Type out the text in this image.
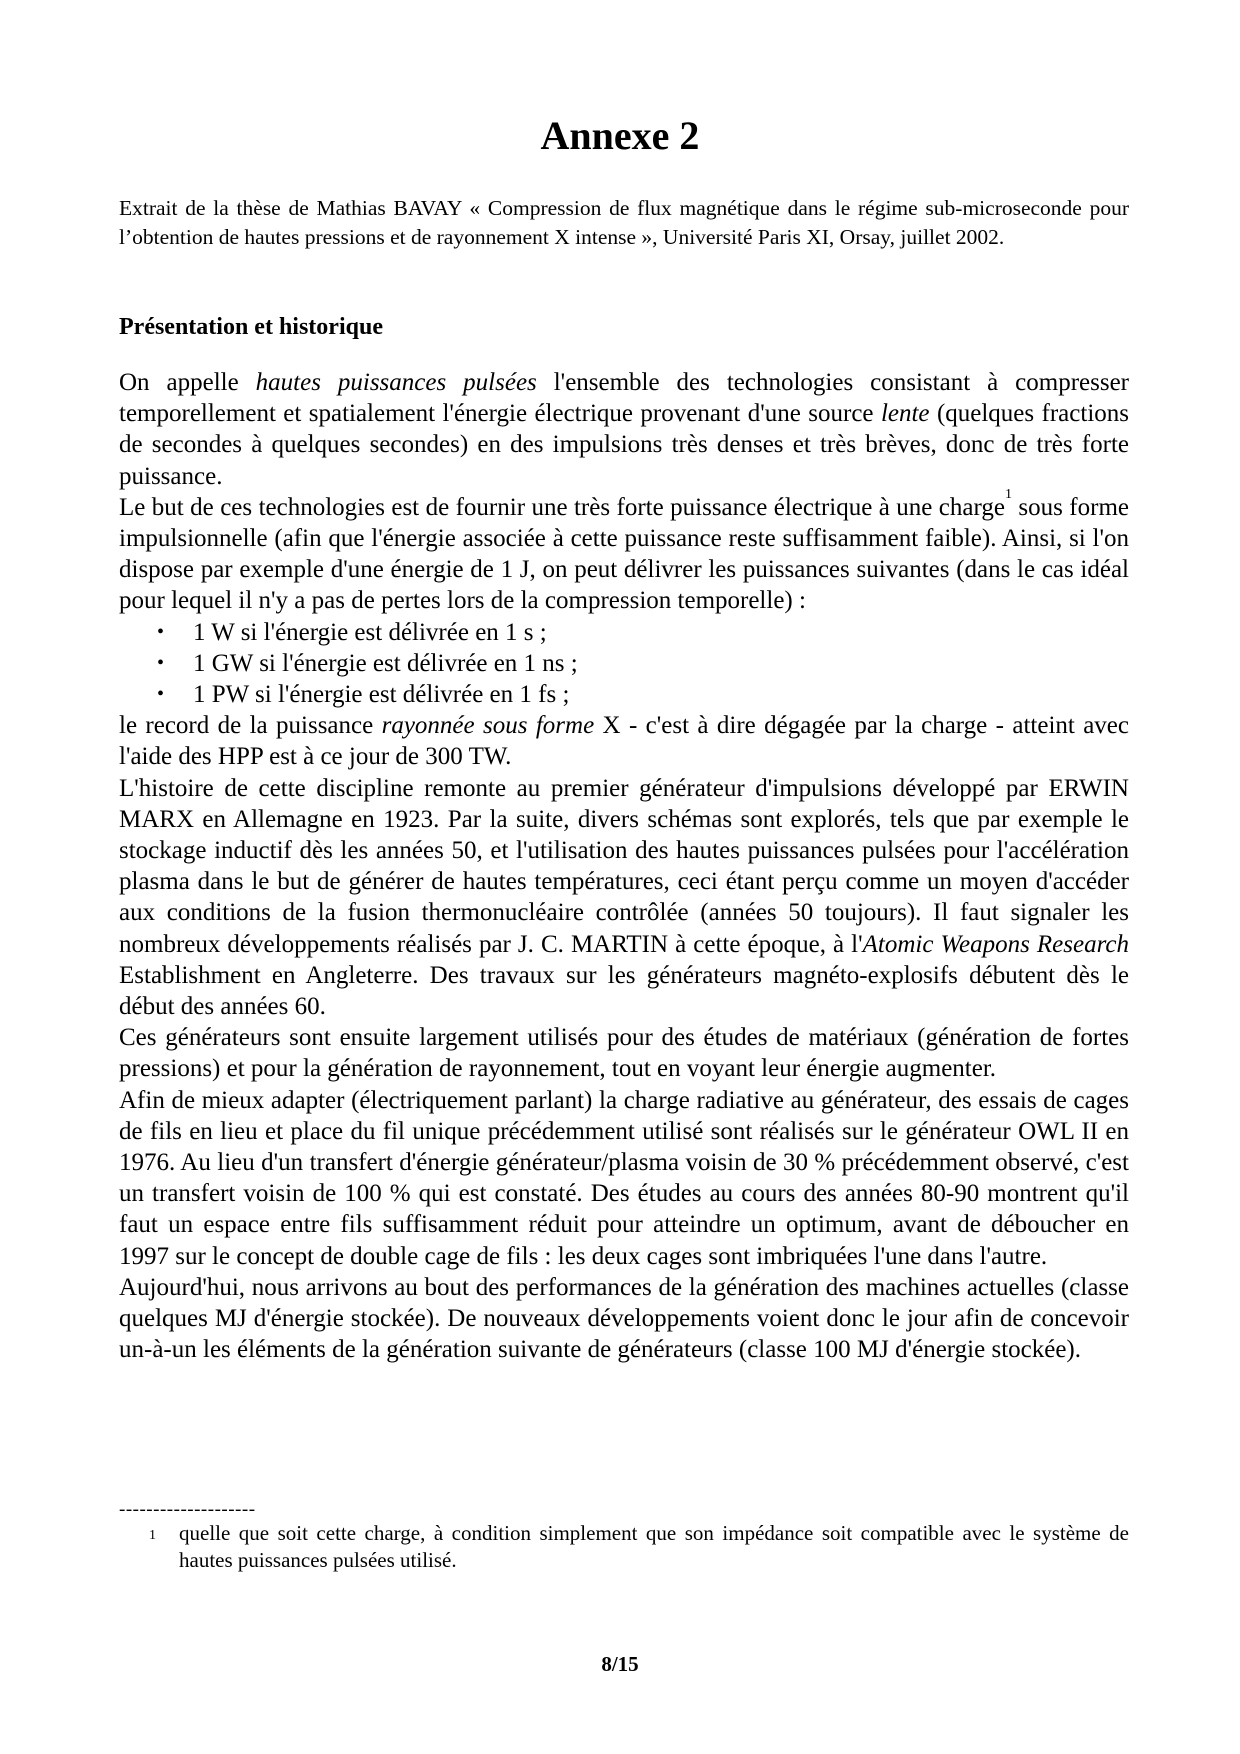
Annexe 2

Extrait de la thèse de Mathias BAVAY « Compression de flux magnétique dans le régime sub-microseconde pour l’obtention de hautes pressions et de rayonnement X intense », Université Paris XI, Orsay, juillet 2002.

Présentation et historique

On appelle hautes puissances pulsées l'ensemble des technologies consistant à compresser temporellement et spatialement l'énergie électrique provenant d'une source lente (quelques fractions de secondes à quelques secondes) en des impulsions très denses et très brèves, donc de très forte puissance.

Le but de ces technologies est de fournir une très forte puissance électrique à une charge$^1$ sous forme impulsionnelle (afin que l'énergie associée à cette puissance reste suffisamment faible). Ainsi, si l'on dispose par exemple d'une énergie de 1 J, on peut délivrer les puissances suivantes (dans le cas idéal pour lequel il n'y a pas de pertes lors de la compression temporelle) :

• 1 W si l'énergie est délivrée en 1 s ;
• 1 GW si l'énergie est délivrée en 1 ns ;
• 1 PW si l'énergie est délivrée en 1 fs ;

le record de la puissance rayonnée sous forme X - c'est à dire dégagée par la charge - atteint avec l'aide des HPP est à ce jour de 300 TW.

L'histoire de cette discipline remonte au premier générateur d'impulsions développé par ERWIN MARX en Allemagne en 1923. Par la suite, divers schémas sont explorés, tels que par exemple le stockage inductif dès les années 50, et l'utilisation des hautes puissances pulsées pour l'accélération plasma dans le but de générer de hautes températures, ceci étant perçu comme un moyen d'accéder aux conditions de la fusion thermonucléaire contrôlée (années 50 toujours). Il faut signaler les nombreux développements réalisés par J. C. MARTIN à cette époque, à l'Atomic Weapons Research Establishment en Angleterre. Des travaux sur les générateurs magnéto-explosifs débutent dès le début des années 60.

Ces générateurs sont ensuite largement utilisés pour des études de matériaux (génération de fortes pressions) et pour la génération de rayonnement, tout en voyant leur énergie augmenter.

Afin de mieux adapter (électriquement parlant) la charge radiative au générateur, des essais de cages de fils en lieu et place du fil unique précédemment utilisé sont réalisés sur le générateur OWL II en 1976. Au lieu d'un transfert d'énergie générateur/plasma voisin de 30 % précédemment observé, c'est un transfert voisin de 100 % qui est constaté. Des études au cours des années 80-90 montrent qu'il faut un espace entre fils suffisamment réduit pour atteindre un optimum, avant de déboucher en 1997 sur le concept de double cage de fils : les deux cages sont imbriquées l'une dans l'autre.

Aujourd'hui, nous arrivons au bout des performances de la génération des machines actuelles (classe quelques MJ d'énergie stockée). De nouveaux développements voient donc le jour afin de concevoir un-à-un les éléments de la génération suivante de générateurs (classe 100 MJ d'énergie stockée).

--------------------

1 quelle que soit cette charge, à condition simplement que son impédance soit compatible avec le système de hautes puissances pulsées utilisé.

8/15
